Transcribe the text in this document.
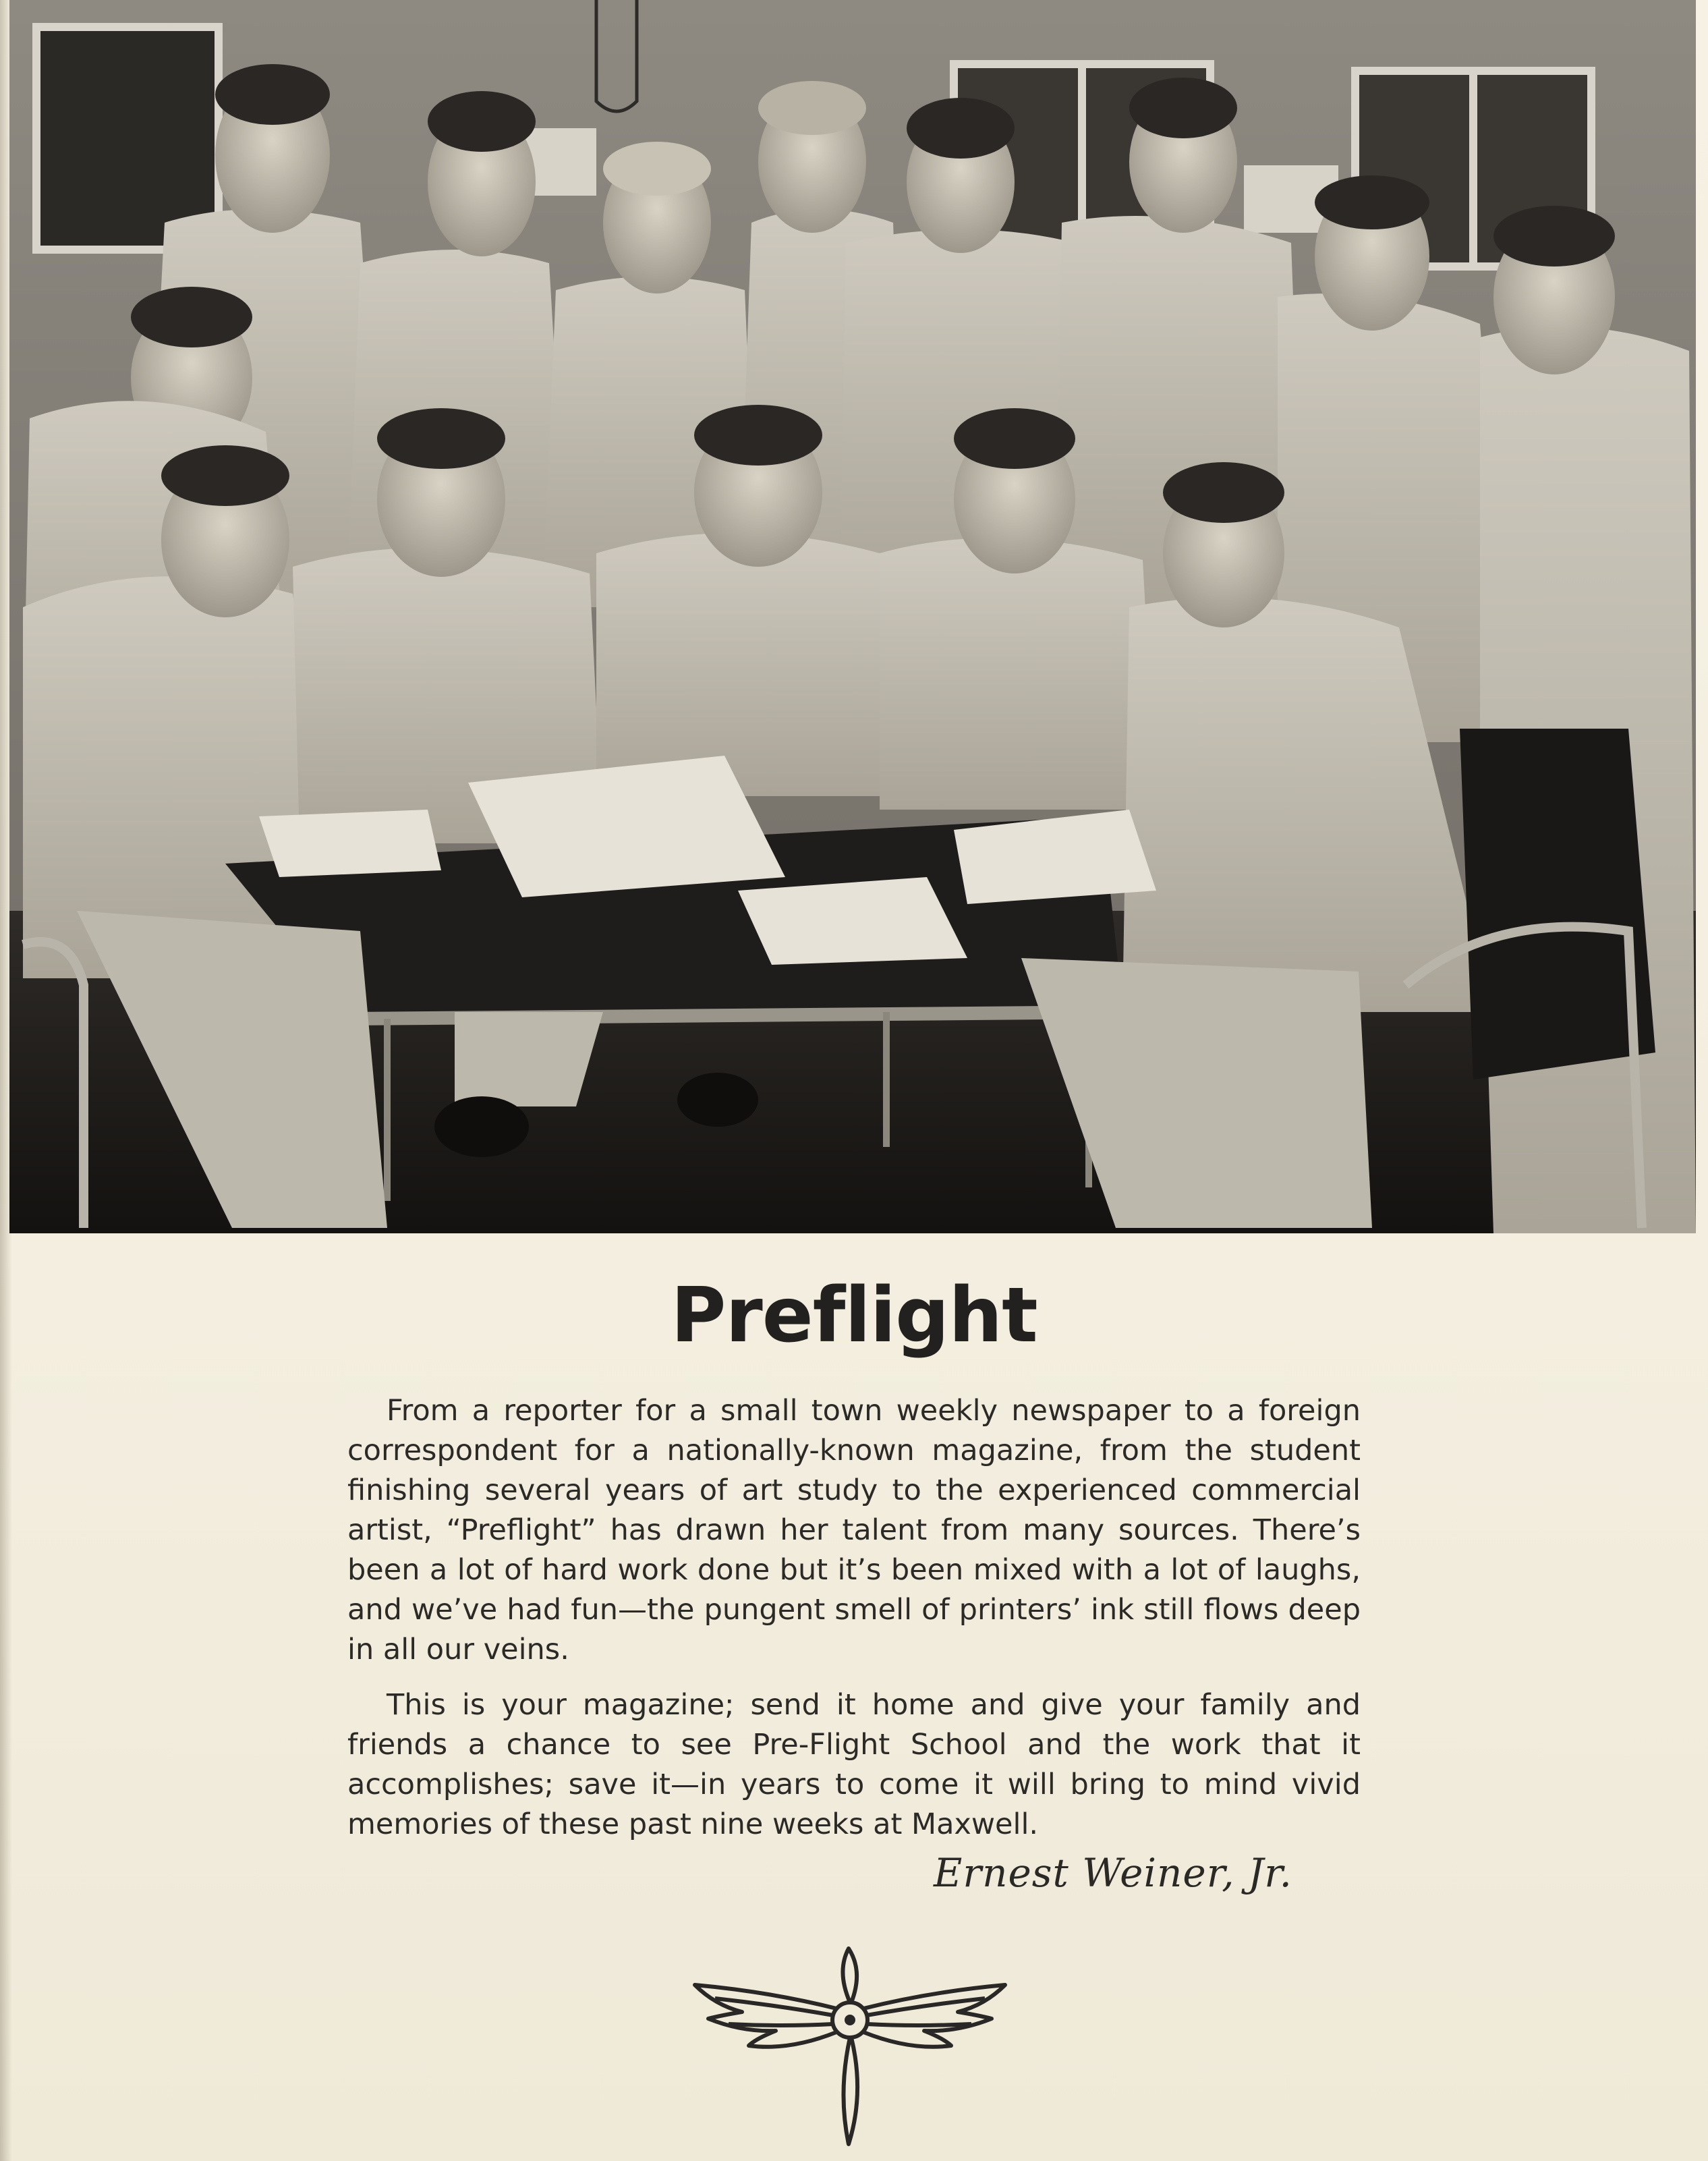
Preflight

From a reporter for a small town weekly newspaper to a foreign correspondent for a nationally-known magazine, from the student finishing several years of art study to the experienced commercial artist, “Preflight” has drawn her talent from many sources. There’s been a lot of hard work done but it’s been mixed with a lot of laughs, and we’ve had fun—the pungent smell of printers’ ink still flows deep in all our veins.

This is your magazine; send it home and give your family and friends a chance to see Pre-Flight School and the work that it accomplishes; save it—in years to come it will bring to mind vivid memories of these past nine weeks at Maxwell.

Ernest Weiner, Jr.
